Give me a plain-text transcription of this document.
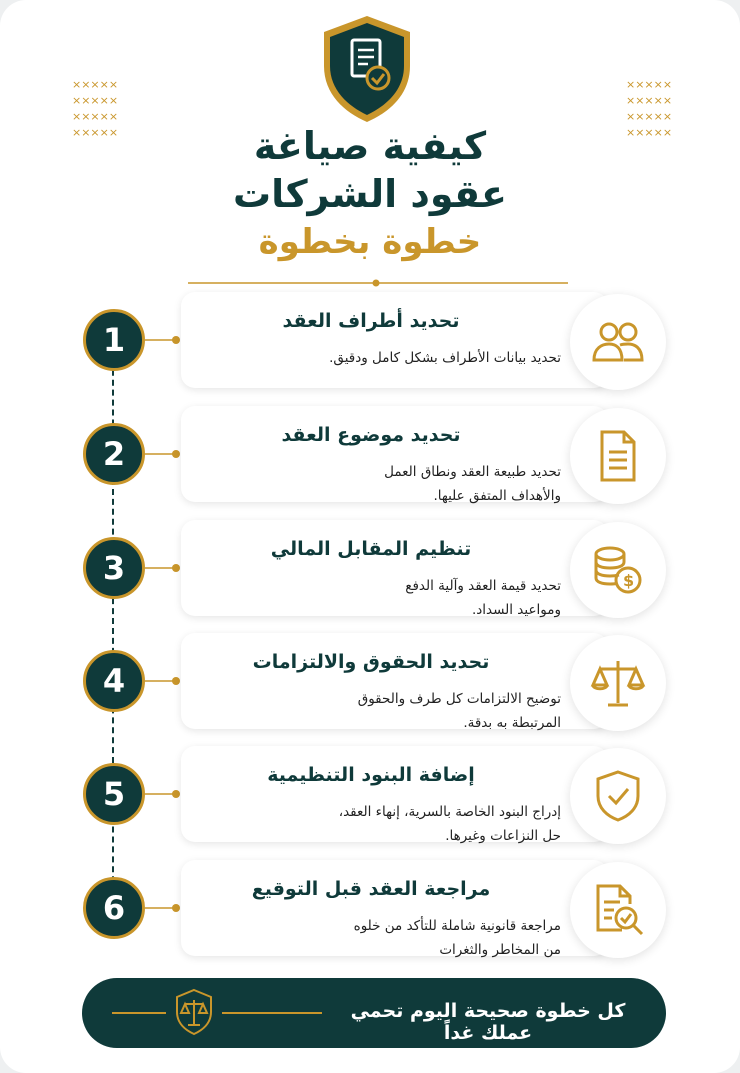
×××××
×××××
×××××
×××××
×××××
×××××
×××××
×××××
كيفية صياغة
عقود الشركات
خطوة بخطوة
1	تحديد أطراف العقد
تحديد بيانات الأطراف بشكل كامل ودقيق.
2	تحديد موضوع العقد
تحديد طبيعة العقد ونطاق العمل
والأهداف المتفق عليها.
3	تنظيم المقابل المالي
تحديد قيمة العقد وآلية الدفع
ومواعيد السداد.
$
4	تحديد الحقوق والالتزامات
توضيح الالتزامات كل طرف والحقوق
المرتبطة به بدقة.
5	إضافة البنود التنظيمية
إدراج البنود الخاصة بالسرية، إنهاء العقد،
حل النزاعات وغيرها.
6	مراجعة العقد قبل التوقيع
مراجعة قانونية شاملة للتأكد من خلوه
من المخاطر والثغرات
كل خطوة صحيحة اليوم تحمي عملك غداً
